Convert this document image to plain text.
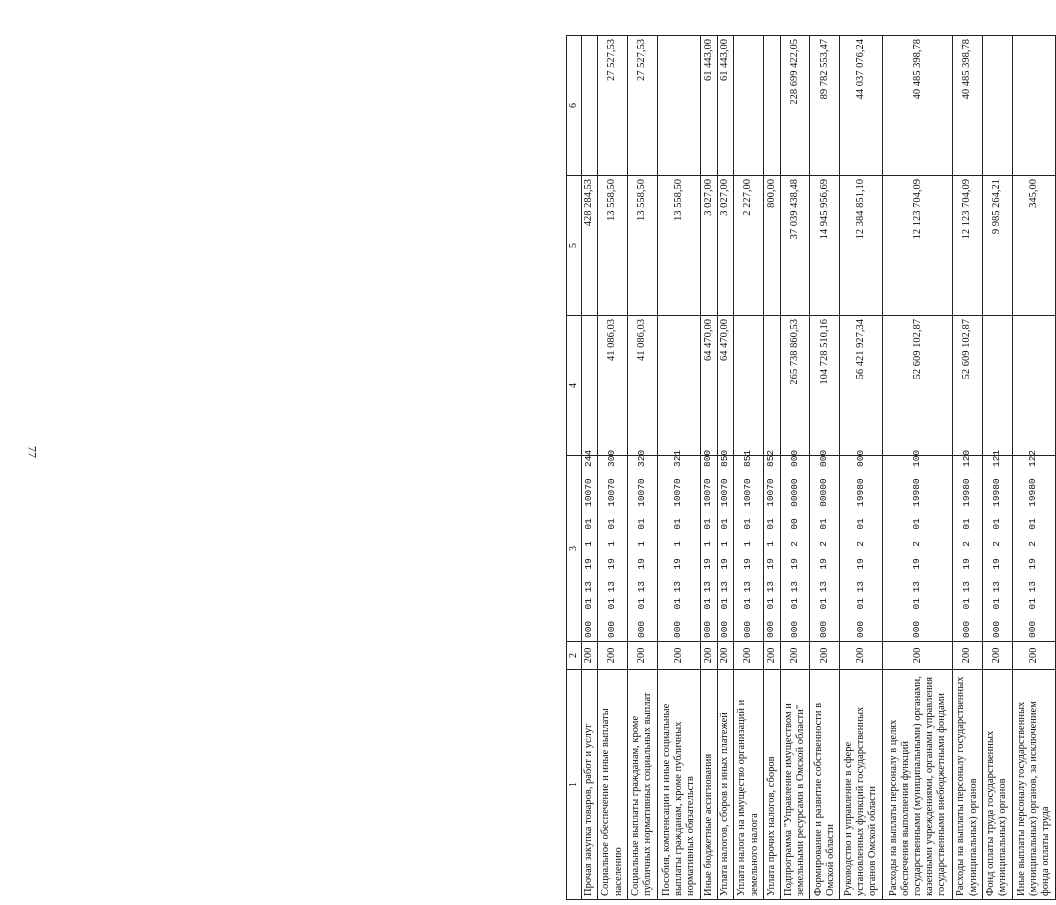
77
1	2	3	4	5	6
Прочая закупка товаров, работ и услуг	200	000  01 13  19  1  01  10070  244		428 284,53	
Социальное обеспечение и иные выплаты населению	200	000  01 13  19  1  01  10070  300	41 086,03	13 558,50	27 527,53
Социальные выплаты гражданам, кроме публичных нормативных социальных выплат	200	000  01 13  19  1  01  10070  320	41 086,03	13 558,50	27 527,53
Пособия, компенсации и иные социальные выплаты гражданам, кроме публичных нормативных обязательств	200	000  01 13  19  1  01  10070  321		13 558,50	
Иные бюджетные ассигнования	200	000  01 13  19  1  01  10070  800	64 470,00	3 027,00	61 443,00
Уплата налогов, сборов и иных платежей	200	000  01 13  19  1  01  10070  850	64 470,00	3 027,00	61 443,00
Уплата налога на имущество организаций и земельного налога	200	000  01 13  19  1  01  10070  851		2 227,00	
Уплата прочих налогов, сборов	200	000  01 13  19  1  01  10070  852		800,00	
Подпрограмма "Управление имуществом и земельными ресурсами в Омской области"	200	000  01 13  19  2  00  00000  000	265 738 860,53	37 039 438,48	228 699 422,05
Формирование и развитие собственности в Омской области	200	000  01 13  19  2  01  00000  000	104 728 510,16	14 945 956,69	89 782 553,47
Руководство и управление в сфере установленных функций государственных органов Омской области	200	000  01 13  19  2  01  19980  000	56 421 927,34	12 384 851,10	44 037 076,24
Расходы на выплаты персоналу в целях обеспечения выполнения функций государственными (муниципальными) органами, казенными учреждениями, органами управления государственными внебюджетными фондами	200	000  01 13  19  2  01  19980  100	52 609 102,87	12 123 704,09	40 485 398,78
Расходы на выплаты персоналу государственных (муниципальных) органов	200	000  01 13  19  2  01  19980  120	52 609 102,87	12 123 704,09	40 485 398,78
Фонд оплаты труда государственных (муниципальных) органов	200	000  01 13  19  2  01  19980  121		9 985 264,21	
Иные выплаты персоналу государственных (муниципальных) органов, за исключением фонда оплаты труда	200	000  01 13  19  2  01  19980  122		345,00	
